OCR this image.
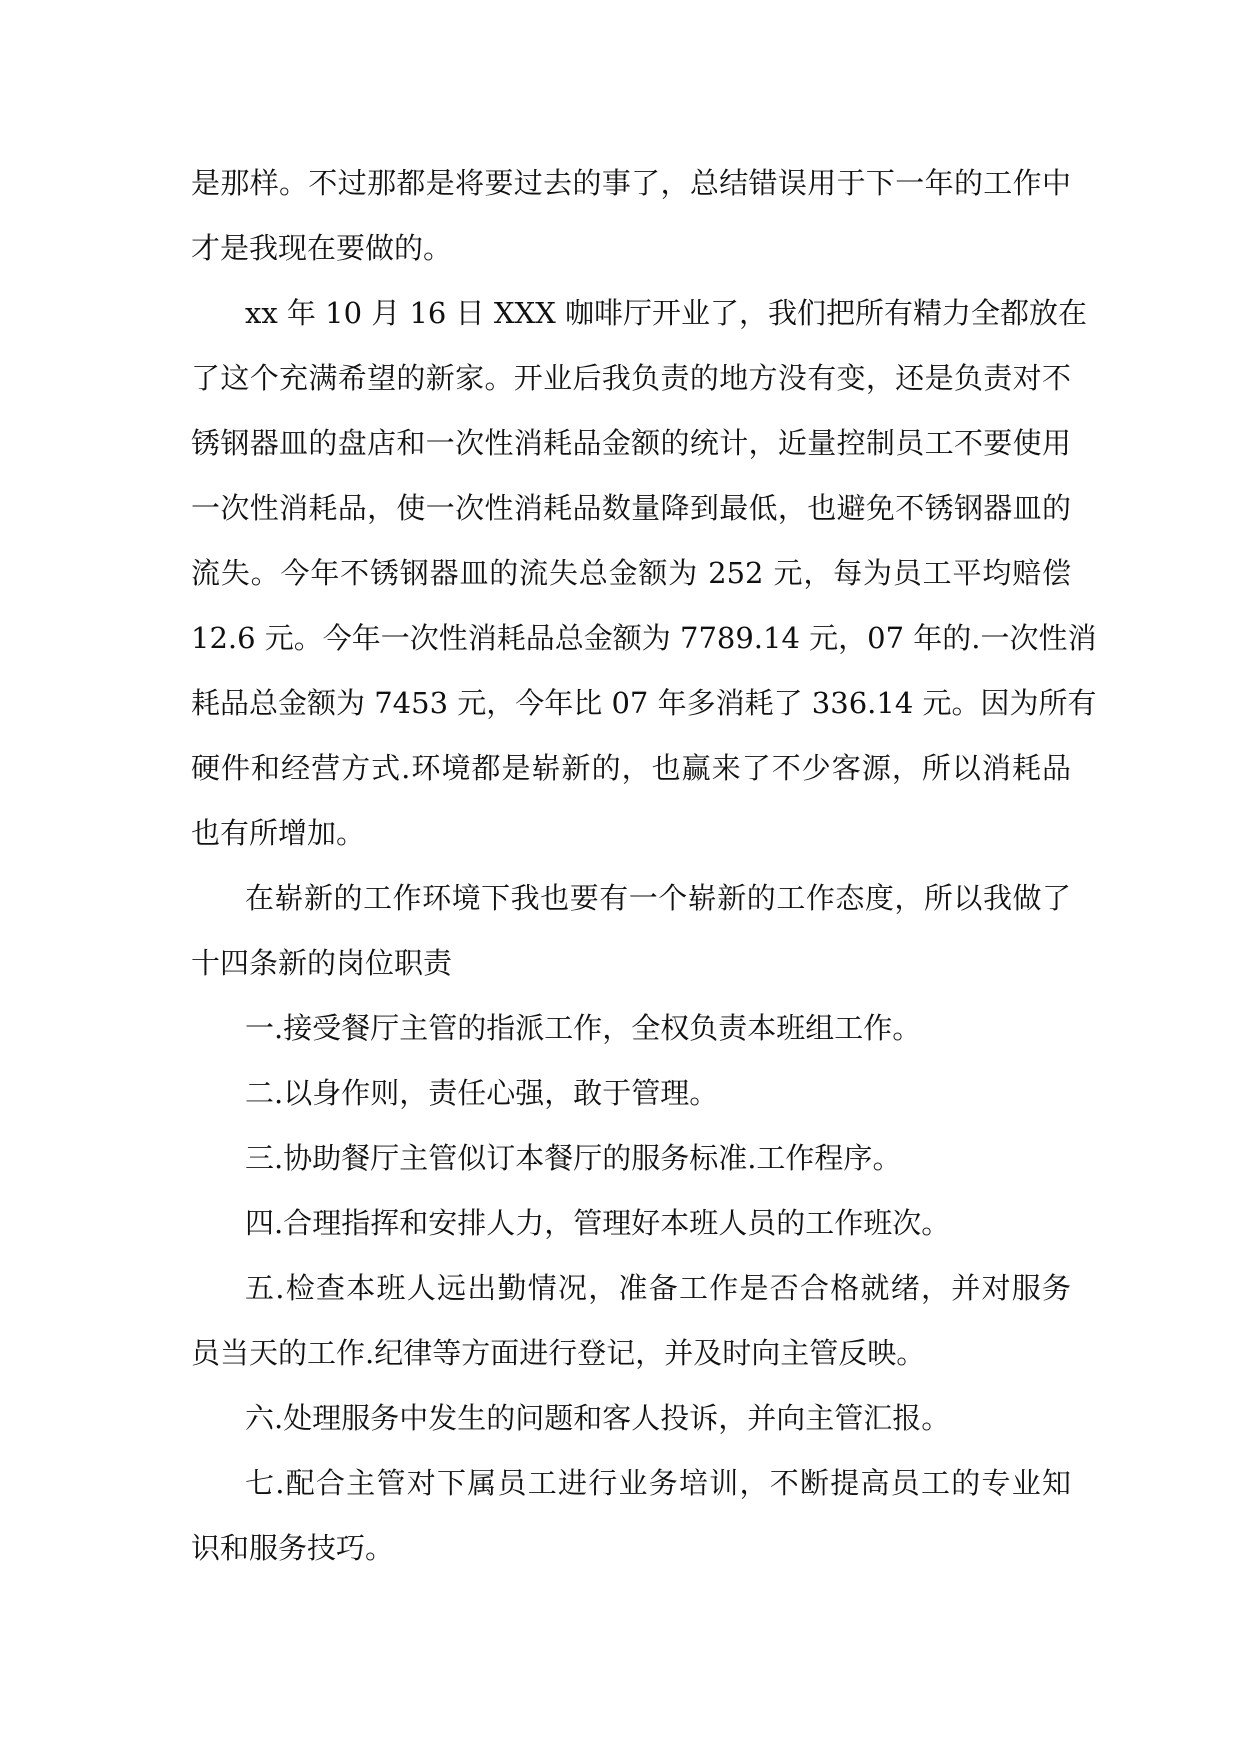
是那样。不过那都是将要过去的事了，总结错误用于下一年的工作中
才是我现在要做的。
xx 年 10 月 16 日 XXX 咖啡厅开业了，我们把所有精力全都放在
了这个充满希望的新家。开业后我负责的地方没有变，还是负责对不
锈钢器皿的盘店和一次性消耗品金额的统计，近量控制员工不要使用
一次性消耗品，使一次性消耗品数量降到最低，也避免不锈钢器皿的
流失。今年不锈钢器皿的流失总金额为 252 元，每为员工平均赔偿
12.6 元。今年一次性消耗品总金额为 7789.14 元，07 年的.一次性消
耗品总金额为 7453 元，今年比 07 年多消耗了 336.14 元。因为所有
硬件和经营方式.环境都是崭新的，也赢来了不少客源，所以消耗品
也有所增加。
在崭新的工作环境下我也要有一个崭新的工作态度，所以我做了
十四条新的岗位职责
一.接受餐厅主管的指派工作，全权负责本班组工作。
二.以身作则，责任心强，敢于管理。
三.协助餐厅主管似订本餐厅的服务标准.工作程序。
四.合理指挥和安排人力，管理好本班人员的工作班次。
五.检查本班人远出勤情况，准备工作是否合格就绪，并对服务
员当天的工作.纪律等方面进行登记，并及时向主管反映。
六.处理服务中发生的问题和客人投诉，并向主管汇报。
七.配合主管对下属员工进行业务培训，不断提高员工的专业知
识和服务技巧。
